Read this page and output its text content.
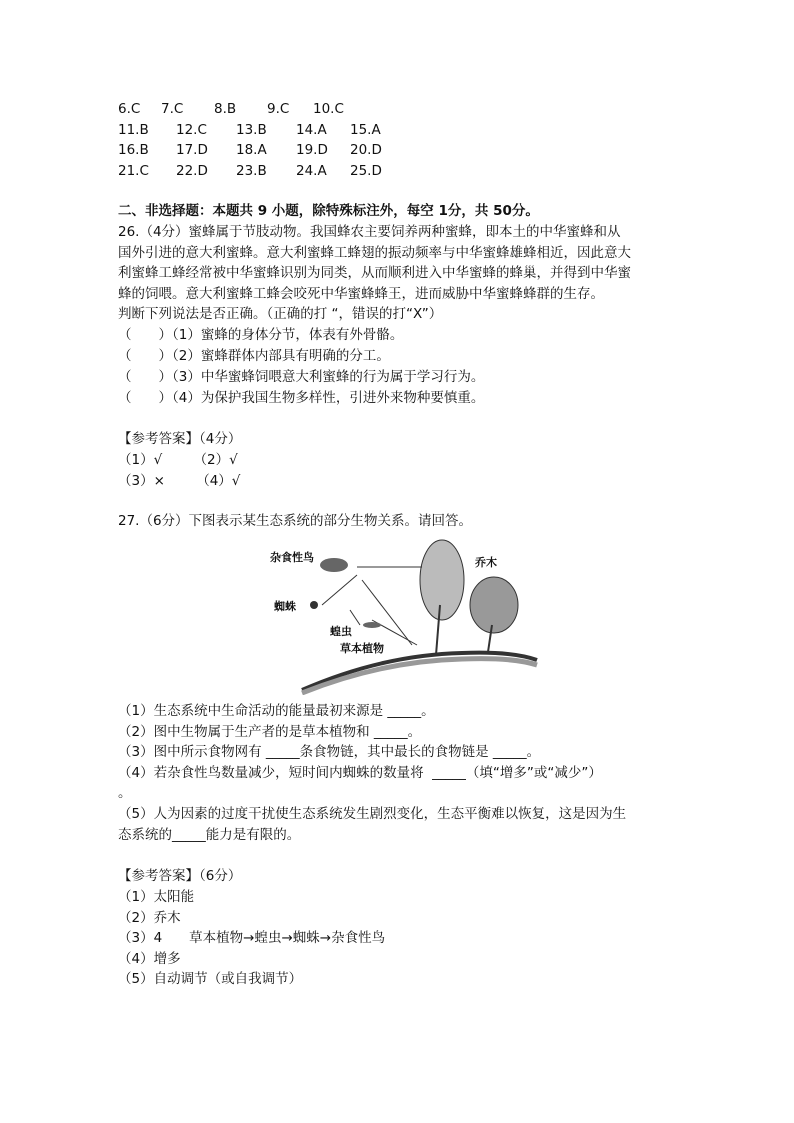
6.C 7.C 8.B 9.C 10.C
11.B 12.C 13.B 14.A 15.A
16.B 17.D 18.A 19.D 20.D
21.C 22.D 23.B 24.A 25.D
二、非选择题：本题共 9 小题，除特殊标注外，每空 1分，共 50分。
26.（4分）蜜蜂属于节肢动物。我国蜂农主要饲养两种蜜蜂，即本土的中华蜜蜂和从
国外引进的意大利蜜蜂。意大利蜜蜂工蜂翅的振动频率与中华蜜蜂雄蜂相近，因此意大
利蜜蜂工蜂经常被中华蜜蜂识别为同类，从而顺利进入中华蜜蜂的蜂巢，并得到中华蜜
蜂的饲喂。意大利蜜蜂工蜂会咬死中华蜜蜂蜂王，进而威胁中华蜜蜂蜂群的生存。
判断下列说法是否正确。（正确的打 “，错误的打“X”）
（　　）（1）蜜蜂的身体分节，体表有外骨骼。
（　　）（2）蜜蜂群体内部具有明确的分工。
（　　）（3）中华蜜蜂饲喂意大利蜜蜂的行为属于学习行为。
（　　）（4）为保护我国生物多样性，引进外来物种要慎重。
【参考答案】（4分）
（1）√　　 （2）√
（3）×　　 （4）√
27.（6分）下图表示某生态系统的部分生物关系。请回答。
杂食性鸟	乔木
蜘蛛
蝗虫
草本植物
（1）生态系统中生命活动的能量最初来源是 _____。
（2）图中生物属于生产者的是草本植物和 _____。
（3）图中所示食物网有 _____条食物链，其中最长的食物链是 _____。
（4）若杂食性鸟数量减少，短时间内蜘蛛的数量将  _____（填“增多”或“减少”）
。
（5）人为因素的过度干扰使生态系统发生剧烈变化，生态平衡难以恢复，这是因为生
态系统的_____能力是有限的。
【参考答案】（6分）
（1）太阳能
（2）乔木
（3）4　　草本植物→蝗虫→蜘蛛→杂食性鸟
（4）增多
（5）自动调节（或自我调节）
